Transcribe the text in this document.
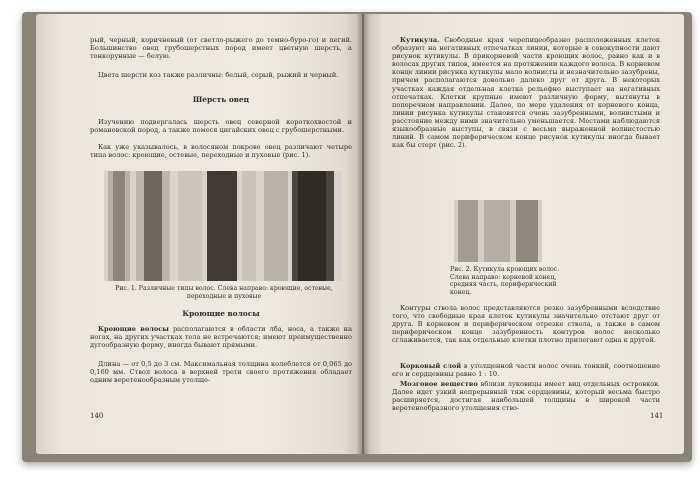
рый, черный, коричневый (от светло-рыжего до темно-буро-го) и пегий. Большинство овец грубошерстных пород имеет цветную шерсть, а тонкорунные — белую.

Цвета шерсти коз также различны: белый, серый, рыжий и черный.

Шерсть овец

Изучению подвергалась шерсть овец северной короткохвостой и романовской пород, а также помеся цигайских овец с грубошерстными.

Как уже указывалось, в волосяном покрове овец различают четыре типа волос: кроющие, остевые, переходные и пуховые (рис. 1).

Рис. 1. Различные типы волос. Слева направо: кроющие, остевые, переходные и пуховые
Кроющие волосы

Кроющие волосы располагаются в области лба, носа, а также на ногах, на других участках тела не встречаются; имеют преимущественно дугообразную форму, иногда бывают прямыми.

Длина — от 0,5 до 3 см. Максимальная толщина колеблется от 0,065 до 0,160 мм. Ствол волоса в верхней трети своего протяжения обладает одним веретенообразным утолще-

140

Кутикула. Свободные края черепицеобразно расположенных клеток образуют на негативных отпечатках линии, которые в совокупности дают рисунок кутикулы. В прикорневой части кроющих волос, равно как и в волосах других типов, имеется на протяжении каждого волоса. В корневом конце линии рисунка кутикулы мало волнисты и незначительно зазубрены, причем располагаются довольно далеко друг от друга. В некоторых участках каждая отдельная клетка рельефно выступает на негативных отпечатках. Клетки крупные имеют различную форму, вытянуты в поперечном направлении. Далее, по мере удаления от корневого конца, линии рисунка кутикулы становятся очень зазубренными, волнистыми и расстояние между ними значительно уменьшается. Местами наблюдаются языкообразные выступы, в связи с весьма выраженной волнистостью линий. В самом периферическом конце рисунок кутикулы иногда бывает как бы стерт (рис. 2).

Рис. 2. Кутикула кроющих волос. Слева направо: корневой конец, средняя часть, периферический конец.

Контуры ствола волос представляются резко зазубренными вследствие того, что свободные края клеток кутикулы значительно отстают друг от друга. В корневом и периферическом отрезке ствола, а также в самом периферическом конце зазубренность контуров волос несколько сглаживается, так как отдельные клетки плотно прилегают одна к другой.

Корковый слой в утолщенной части волос очень тонкий, соотношение его и сердцевины равно 1 : 10.

Мозговое вещество вблизи луковицы имеет вид отдельных островков. Далее идет узкий непрерывный тяж сердцевины, который весьма быстро расширяется, достигая наибольшей толщины в широкой части веретенообразного утолщения ство-

141
